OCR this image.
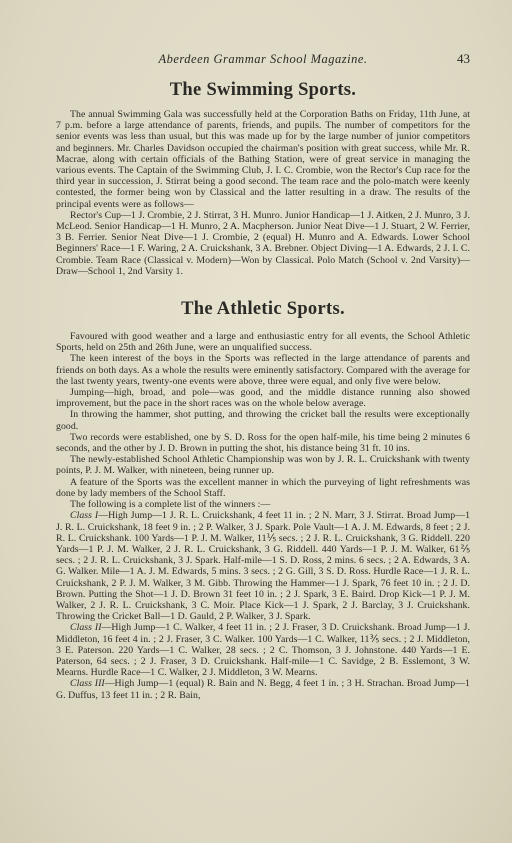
Aberdeen Grammar School Magazine.	43
The Swimming Sports.

The annual Swimming Gala was successfully held at the Corporation Baths on Friday, 11th June, at 7 p.m. before a large attendance of parents, friends, and pupils. The number of competitors for the senior events was less than usual, but this was made up for by the large number of junior competitors and beginners. Mr. Charles Davidson occupied the chairman's position with great success, while Mr. R. Macrae, along with certain officials of the Bathing Station, were of great service in managing the various events. The Captain of the Swimming Club, J. I. C. Crombie, won the Rector's Cup race for the third year in succession, J. Stirrat being a good second. The team race and the polo-match were keenly contested, the former being won by Classical and the latter resulting in a draw. The results of the principal events were as follows—

Rector's Cup—1 J. Crombie, 2 J. Stirrat, 3 H. Munro. Junior Handicap—1 J. Aitken, 2 J. Munro, 3 J. McLeod. Senior Handicap—1 H. Munro, 2 A. Macpherson. Junior Neat Dive—1 J. Stuart, 2 W. Ferrier, 3 B. Ferrier. Senior Neat Dive—1 J. Crombie, 2 (equal) H. Munro and A. Edwards. Lower School Beginners' Race—1 F. Waring, 2 A. Cruickshank, 3 A. Brebner. Object Diving—1 A. Edwards, 2 J. I. C. Crombie. Team Race (Classical v. Modern)—Won by Classical. Polo Match (School v. 2nd Varsity)—Draw—School 1, 2nd Varsity 1.

The Athletic Sports.

Favoured with good weather and a large and enthusiastic entry for all events, the School Athletic Sports, held on 25th and 26th June, were an unqualified success.

The keen interest of the boys in the Sports was reflected in the large attendance of parents and friends on both days. As a whole the results were eminently satisfactory. Compared with the average for the last twenty years, twenty-one events were above, three were equal, and only five were below.

Jumping—high, broad, and pole—was good, and the middle distance running also showed improvement, but the pace in the short races was on the whole below average.

In throwing the hammer, shot putting, and throwing the cricket ball the results were exceptionally good.

Two records were established, one by S. D. Ross for the open half-mile, his time being 2 minutes 6 seconds, and the other by J. D. Brown in putting the shot, his distance being 31 ft. 10 ins.

The newly-established School Athletic Championship was won by J. R. L. Cruickshank with twenty points, P. J. M. Walker, with nineteen, being runner up.

A feature of the Sports was the excellent manner in which the purveying of light refreshments was done by lady members of the School Staff.

The following is a complete list of the winners :—

Class I—High Jump—1 J. R. L. Cruickshank, 4 feet 11 in. ; 2 N. Marr, 3 J. Stirrat. Broad Jump—1 J. R. L. Cruickshank, 18 feet 9 in. ; 2 P. Walker, 3 J. Spark. Pole Vault—1 A. J. M. Edwards, 8 feet ; 2 J. R. L. Cruickshank. 100 Yards—1 P. J. M. Walker, 11⅕ secs. ; 2 J. R. L. Cruickshank, 3 G. Riddell. 220 Yards—1 P. J. M. Walker, 2 J. R. L. Cruickshank, 3 G. Riddell. 440 Yards—1 P. J. M. Walker, 61⅖ secs. ; 2 J. R. L. Cruickshank, 3 J. Spark. Half-mile—1 S. D. Ross, 2 mins. 6 secs. ; 2 A. Edwards, 3 A. G. Walker. Mile—1 A. J. M. Edwards, 5 mins. 3 secs. ; 2 G. Gill, 3 S. D. Ross. Hurdle Race—1 J. R. L. Cruickshank, 2 P. J. M. Walker, 3 M. Gibb. Throwing the Hammer—1 J. Spark, 76 feet 10 in. ; 2 J. D. Brown. Putting the Shot—1 J. D. Brown 31 feet 10 in. ; 2 J. Spark, 3 E. Baird. Drop Kick—1 P. J. M. Walker, 2 J. R. L. Cruickshank, 3 C. Moir. Place Kick—1 J. Spark, 2 J. Barclay, 3 J. Cruickshank. Throwing the Cricket Ball—1 D. Gauld, 2 P. Walker, 3 J. Spark.

Class II—High Jump—1 C. Walker, 4 feet 11 in. ; 2 J. Fraser, 3 D. Cruickshank. Broad Jump—1 J. Middleton, 16 feet 4 in. ; 2 J. Fraser, 3 C. Walker. 100 Yards—1 C. Walker, 11⅗ secs. ; 2 J. Middleton, 3 E. Paterson. 220 Yards—1 C. Walker, 28 secs. ; 2 C. Thomson, 3 J. Johnstone. 440 Yards—1 E. Paterson, 64 secs. ; 2 J. Fraser, 3 D. Cruickshank. Half-mile—1 C. Savidge, 2 B. Esslemont, 3 W. Mearns. Hurdle Race—1 C. Walker, 2 J. Middleton, 3 W. Mearns.

Class III—High Jump—1 (equal) R. Bain and N. Begg, 4 feet 1 in. ; 3 H. Strachan. Broad Jump—1 G. Duffus, 13 feet 11 in. ; 2 R. Bain,
